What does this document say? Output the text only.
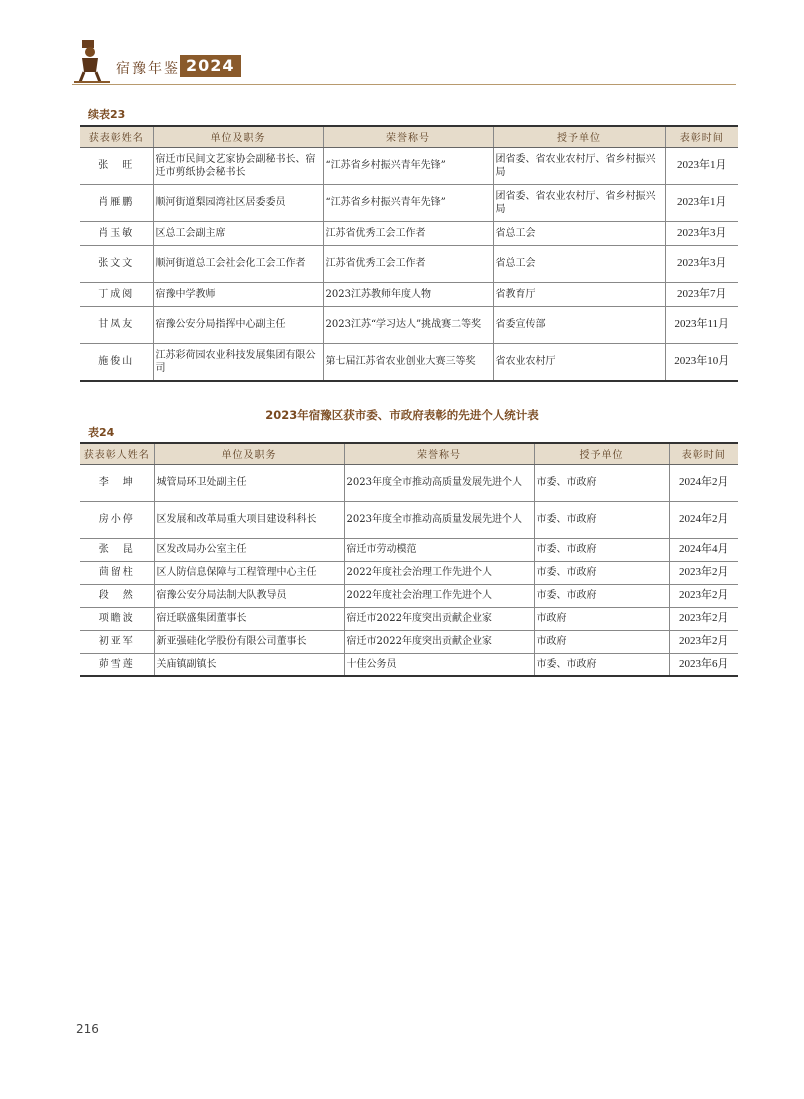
宿豫年鉴 2024
续表23
获表彰姓名	单位及职务	荣誉称号	授予单位	表彰时间
张　旺	宿迁市民间文艺家协会副秘书长、宿迁市剪纸协会秘书长	“江苏省乡村振兴青年先锋”	团省委、省农业农村厅、省乡村振兴局	2023年1月
肖雁鹏	顺河街道梨园湾社区居委委员	“江苏省乡村振兴青年先锋”	团省委、省农业农村厅、省乡村振兴局	2023年1月
肖玉敏	区总工会副主席	江苏省优秀工会工作者	省总工会	2023年3月
张文文	顺河街道总工会社会化工会工作者	江苏省优秀工会工作者	省总工会	2023年3月
丁成阅	宿豫中学教师	2023江苏教师年度人物	省教育厅	2023年7月
甘凤友	宿豫公安分局指挥中心副主任	2023江苏“学习达人”挑战赛二等奖	省委宣传部	2023年11月
施俊山	江苏彩荷园农业科技发展集团有限公司	第七届江苏省农业创业大赛三等奖	省农业农村厅	2023年10月
2023年宿豫区获市委、市政府表彰的先进个人统计表
表24
获表彰人姓名	单位及职务	荣誉称号	授予单位	表彰时间
李　坤	城管局环卫处副主任	2023年度全市推动高质量发展先进个人	市委、市政府	2024年2月
房小停	区发展和改革局重大项目建设科科长	2023年度全市推动高质量发展先进个人	市委、市政府	2024年2月
张　昆	区发改局办公室主任	宿迁市劳动模范	市委、市政府	2024年4月
茴留柱	区人防信息保障与工程管理中心主任	2022年度社会治理工作先进个人	市委、市政府	2023年2月
段　然	宿豫公安分局法制大队教导员	2022年度社会治理工作先进个人	市委、市政府	2023年2月
项瞻波	宿迁联盛集团董事长	宿迁市2022年度突出贡献企业家	市政府	2023年2月
初亚军	新亚强硅化学股份有限公司董事长	宿迁市2022年度突出贡献企业家	市政府	2023年2月
茆雪莲	关庙镇副镇长	十佳公务员	市委、市政府	2023年6月
216
